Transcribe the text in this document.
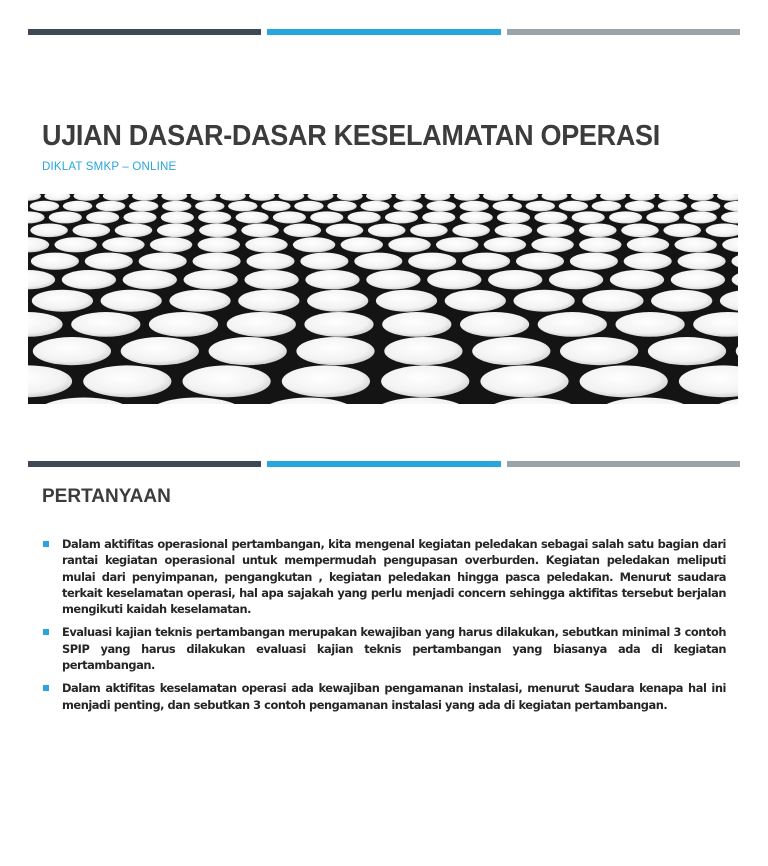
UJIAN DASAR-DASAR KESELAMATAN OPERASI
DIKLAT SMKP – ONLINE
PERTANYAAN
Dalam aktifitas operasional pertambangan, kita mengenal kegiatan peledakan sebagai salah satu bagian dari rantai kegiatan operasional untuk mempermudah pengupasan overburden. Kegiatan peledakan meliputi mulai dari penyimpanan, pengangkutan , kegiatan peledakan hingga pasca peledakan. Menurut saudara terkait keselamatan operasi, hal apa sajakah yang perlu menjadi concern sehingga aktifitas tersebut berjalan mengikuti kaidah keselamatan.
Evaluasi kajian teknis pertambangan merupakan kewajiban yang harus dilakukan, sebutkan minimal 3 contoh SPIP yang harus dilakukan evaluasi kajian teknis pertambangan yang biasanya ada di kegiatan pertambangan.
Dalam aktifitas keselamatan operasi ada kewajiban pengamanan instalasi, menurut Saudara kenapa hal ini menjadi penting, dan sebutkan 3 contoh pengamanan instalasi yang ada di kegiatan pertambangan.
